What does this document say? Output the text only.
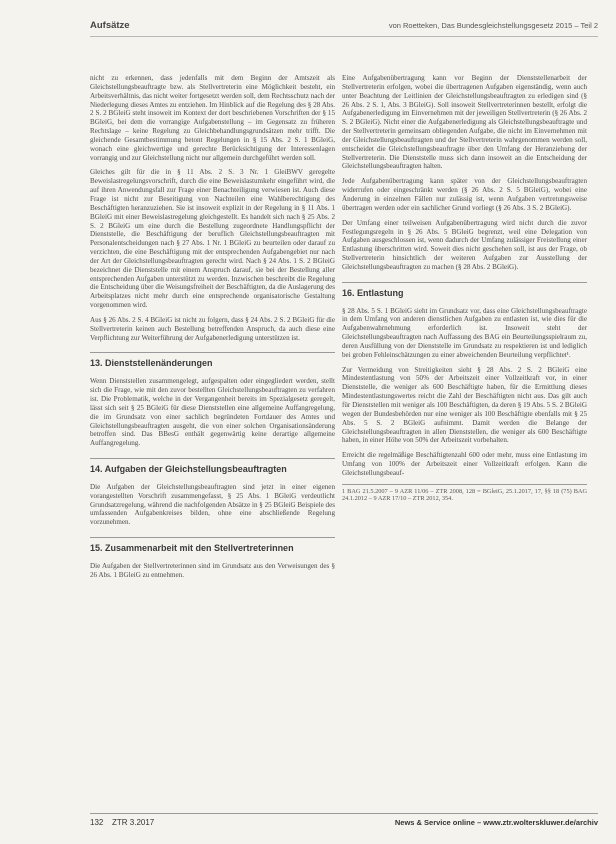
Aufsätze	von Roetteken, Das Bundesgleichstellungsgesetz 2015 – Teil 2

nicht zu erkennen, dass jedenfalls mit dem Beginn der Amtszeit als Gleichstellungsbeauftragte bzw. als Stellvertreterin eine Möglichkeit besteht, ein Arbeitsverhältnis, das nicht weiter fortgesetzt werden soll, dem Rechtsschutz nach der Niederlegung dieses Amtes zu entziehen. Im Hinblick auf die Regelung des § 28 Abs. 2 S. 2 BGleiG steht insoweit im Kontext der dort beschriebenen Vorschriften der § 15 BGleiG, bei dem die vorrangige Aufgabenstellung – im Gegensatz zu früheren Rechtslage – keine Regelung zu Gleichbehandlungsgrundsätzen mehr trifft. Die gleichende Gesamtbestimmung betont Regelungen in § 15 Abs. 2 S. 1 BGleiG, wonach eine gleichwertige und gerechte Berücksichtigung der Interessenlagen vorrangig und zur Gleichstellung nicht nur allgemein durchgeführt werden soll.

Gleiches gilt für die in § 11 Abs. 2 S. 3 Nr. 1 GleiBWV geregelte Beweislastregelungsvorschrift, durch die eine Beweislastumkehr eingeführt wird, die auf ihren Anwendungsfall zur Frage einer Benachteiligung verwiesen ist. Auch diese Frage ist nicht zur Beseitigung von Nachteilen eine Wahlberechtigung des Beschäftigten heranzuziehen. Sie ist insoweit explizit in der Regelung in § 11 Abs. 1 BGleiG mit einer Beweislastregelung gleichgestellt. Es handelt sich nach § 25 Abs. 2 S. 2 BGleiG um eine durch die Bestellung zugeordnete Handlungspflicht der Dienststelle, die Beschäftigung der beruflich Gleichstellungsbeauftragten mit Personalentscheidungen nach § 27 Abs. 1 Nr. 1 BGleiG zu beurteilen oder darauf zu verzichten, die eine Beschäftigung mit der entsprechenden Aufgabengebiet nur nach der Art der Gleichstellungsbeauftragten gerecht wird. Nach § 24 Abs. 1 S. 2 BGleiG bezeichnet die Dienststelle mit einem Anspruch darauf, sie bei der Bestellung aller entsprechenden Aufgaben unterstützt zu werden. Inzwischen beschreibt die Regelung die Entscheidung über die Weisungsfreiheit der Beschäftigten, da die Auslagerung des Arbeitsplatzes nicht mehr durch eine entsprechende organisatorische Gestaltung vorgenommen wird.

Aus § 26 Abs. 2 S. 4 BGleiG ist nicht zu folgern, dass § 24 Abs. 2 S. 2 BGleiG für die Stellvertreterin keinen auch Bestellung betreffenden Anspruch, da auch diese eine Verpflichtung zur Weiterführung der Aufgabenerledigung unterstützen ist.

13. Dienststellenänderungen

Wenn Dienststellen zusammengelegt, aufgespalten oder eingegliedert werden, stellt sich die Frage, wie mit den zuvor bestellten Gleichstellungsbeauftragten zu verfahren ist. Die Problematik, welche in der Vergangenheit bereits im Spezialgesetz geregelt, lässt sich seit § 25 BGleiG für diese Dienststellen eine allgemeine Auffangregelung, die im Grundsatz von einer sachlich begründeten Fortdauer des Amtes und Gleichstellungsbeauftragten ausgeht, die von einer solchen Organisationsänderung betroffen sind. Das BBesG enthält gegenwärtig keine derartige allgemeine Auffangregelung.

14. Aufgaben der Gleichstellungsbeauftragten

Die Aufgaben der Gleichstellungsbeauftragten sind jetzt in einer eigenen vorangestellten Vorschrift zusammengefasst, § 25 Abs. 1 BGleiG verdeutlicht Grundsatzregelung, während die nachfolgenden Absätze in § 25 BGleiG Beispiele des umfassenden Aufgabenkreises bilden, ohne eine abschließende Regelung vorzunehmen.

15. Zusammenarbeit mit den Stellvertreterinnen

Die Aufgaben der Stellvertreterinnen sind im Grundsatz aus den Verweisungen des § 26 Abs. 1 BGleiG zu entnehmen.

Eine Aufgabenübertragung kann vor Beginn der Dienststellenarbeit der Stellvertreterin erfolgen, wobei die übertragenen Aufgaben eigenständig, wenn auch unter Beachtung der Leitlinien der Gleichstellungsbeauftragten zu erledigen sind (§ 26 Abs. 2 S. 1, Abs. 3 BGleiG). Soll insoweit Stellvertreterinnen bestellt, erfolgt die Aufgabenerledigung im Einvernehmen mit der jeweiligen Stellvertreterin (§ 26 Abs. 2 S. 2 BGleiG). Nicht einer die Aufgabenerledigung als Gleichstellungsbeauftragte und der Stellvertreterin gemeinsam obliegenden Aufgabe, die nicht im Einvernehmen mit der Gleichstellungsbeauftragten und der Stellvertreterin wahrgenommen werden soll, entscheidet die Gleichstellungsbeauftragte über den Umfang der Heranziehung der Stellvertreterin. Die Dienststelle muss sich dann insoweit an die Entscheidung der Gleichstellungsbeauftragten halten.

Jede Aufgabenübertragung kann später von der Gleichstellungsbeauftragten widerrufen oder eingeschränkt werden (§ 26 Abs. 2 S. 5 BGleiG), wobei eine Änderung in einzelnen Fällen nur zulässig ist, wenn Aufgaben vertretungsweise übertragen werden oder ein sachlicher Grund vorliegt (§ 26 Abs. 3 S. 2 BGleiG).

Der Umfang einer teilweisen Aufgabenübertragung wird nicht durch die zuvor Festlegungsregeln in § 26 Abs. 5 BGleiG begrenzt, weil eine Delegation von Aufgaben ausgeschlossen ist, wenn dadurch der Umfang zulässiger Freistellung einer Entlastung überschritten wird. Soweit dies nicht geschehen soll, ist aus der Frage, ob Stellvertreterin hinsichtlich der weiteren Aufgaben zur Ausstellung der Gleichstellungsbeauftragten zu machen (§ 28 Abs. 2 BGleiG).

16. Entlastung

§ 28 Abs. 5 S. 1 BGleiG sieht im Grundsatz vor, dass eine Gleichstellungsbeauftragte in dem Umfang von anderen dienstlichen Aufgaben zu entlasten ist, wie dies für die Aufgabenwahrnehmung erforderlich ist. Insoweit steht der Gleichstellungsbeauftragten nach Auffassung des BAG ein Beurteilungsspielraum zu, deren Ausfüllung von der Dienststelle im Grundsatz zu respektieren ist und lediglich bei groben Fehleinschätzungen zu einer abweichenden Beurteilung verpflichtet¹.

Zur Vermeidung von Streitigkeiten sieht § 28 Abs. 2 S. 2 BGleiG eine Mindestentlastung von 50% der Arbeitszeit einer Vollzeitkraft vor, in einer Dienststelle, die weniger als 600 Beschäftigte haben, für die Ermittlung dieses Mindestentlastungswertes reicht die Zahl der Beschäftigten nicht aus. Das gilt auch für Dienststellen mit weniger als 100 Beschäftigten, da deren § 19 Abs. 5 S. 2 BGleiG wegen der Bundesbehörden nur eine weniger als 100 Beschäftigte ebenfalls mit § 25 Abs. 5 S. 2 BGleiG aufnimmt. Damit werden die Belange der Gleichstellungsbeauftragten in allen Dienststellen, die weniger als 600 Beschäftigte haben, in einer Höhe von 50% der Arbeitszeit vorbehalten.

Erreicht die regelmäßige Beschäftigtenzahl 600 oder mehr, muss eine Entlastung im Umfang von 100% der Arbeitszeit einer Vollzeitkraft erfolgen. Kann die Gleichstellungsbeauf-

1 BAG 21.5.2007 – 9 AZR 11/06 – ZTR 2008, 128 = BGleiG, 25.1.2017, 17, §§ 18 (75) BAG 24.1.2012 – 9 AZR 17/10 – ZTR 2012, 354.
132 ZTR 3.2017	News & Service online – www.ztr.wolterskluwer.de/archiv
